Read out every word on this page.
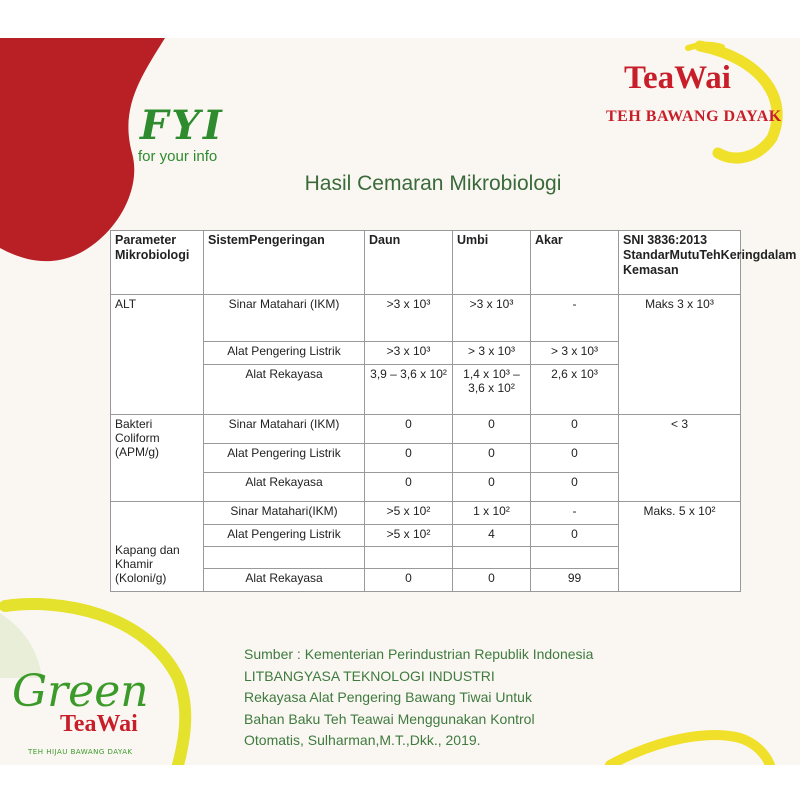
FYI
for your info
TeaWai
TEH BAWANG DAYAK
Hasil Cemaran Mikrobiologi
Parameter Mikrobiologi	SistemPengeringan	Daun	Umbi	Akar	SNI 3836:2013 StandarMutuTehKeringdalam Kemasan
ALT	Sinar Matahari (IKM)	>3 x 10³	>3 x 10³	-	Maks 3 x 10³
	Alat Pengering Listrik	>3 x 10³	> 3 x 10³	> 3 x 10³	
	Alat Rekayasa	3,9 – 3,6 x 10²	1,4 x 10³ – 3,6 x 10²	2,6 x 10³	
Bakteri Coliform (APM/g)	Sinar Matahari (IKM)	0	0	0	< 3
	Alat Pengering Listrik	0	0	0	
	Alat Rekayasa	0	0	0	
Kapang dan Khamir (Koloni/g)	Sinar Matahari(IKM)	>5 x 10²	1 x 10²	-	Maks. 5 x 10²
	Alat Pengering Listrik	>5 x 10²	4	0	

	Alat Rekayasa	0	0	99	
Sumber : Kementerian Perindustrian Republik Indonesia
LITBANGYASA TEKNOLOGI INDUSTRI
Rekayasa Alat Pengering Bawang Tiwai Untuk
Bahan Baku Teh Teawai Menggunakan Kontrol
Otomatis, Sulharman,M.T.,Dkk., 2019.
Green
TeaWai
TEH HIJAU BAWANG DAYAK
